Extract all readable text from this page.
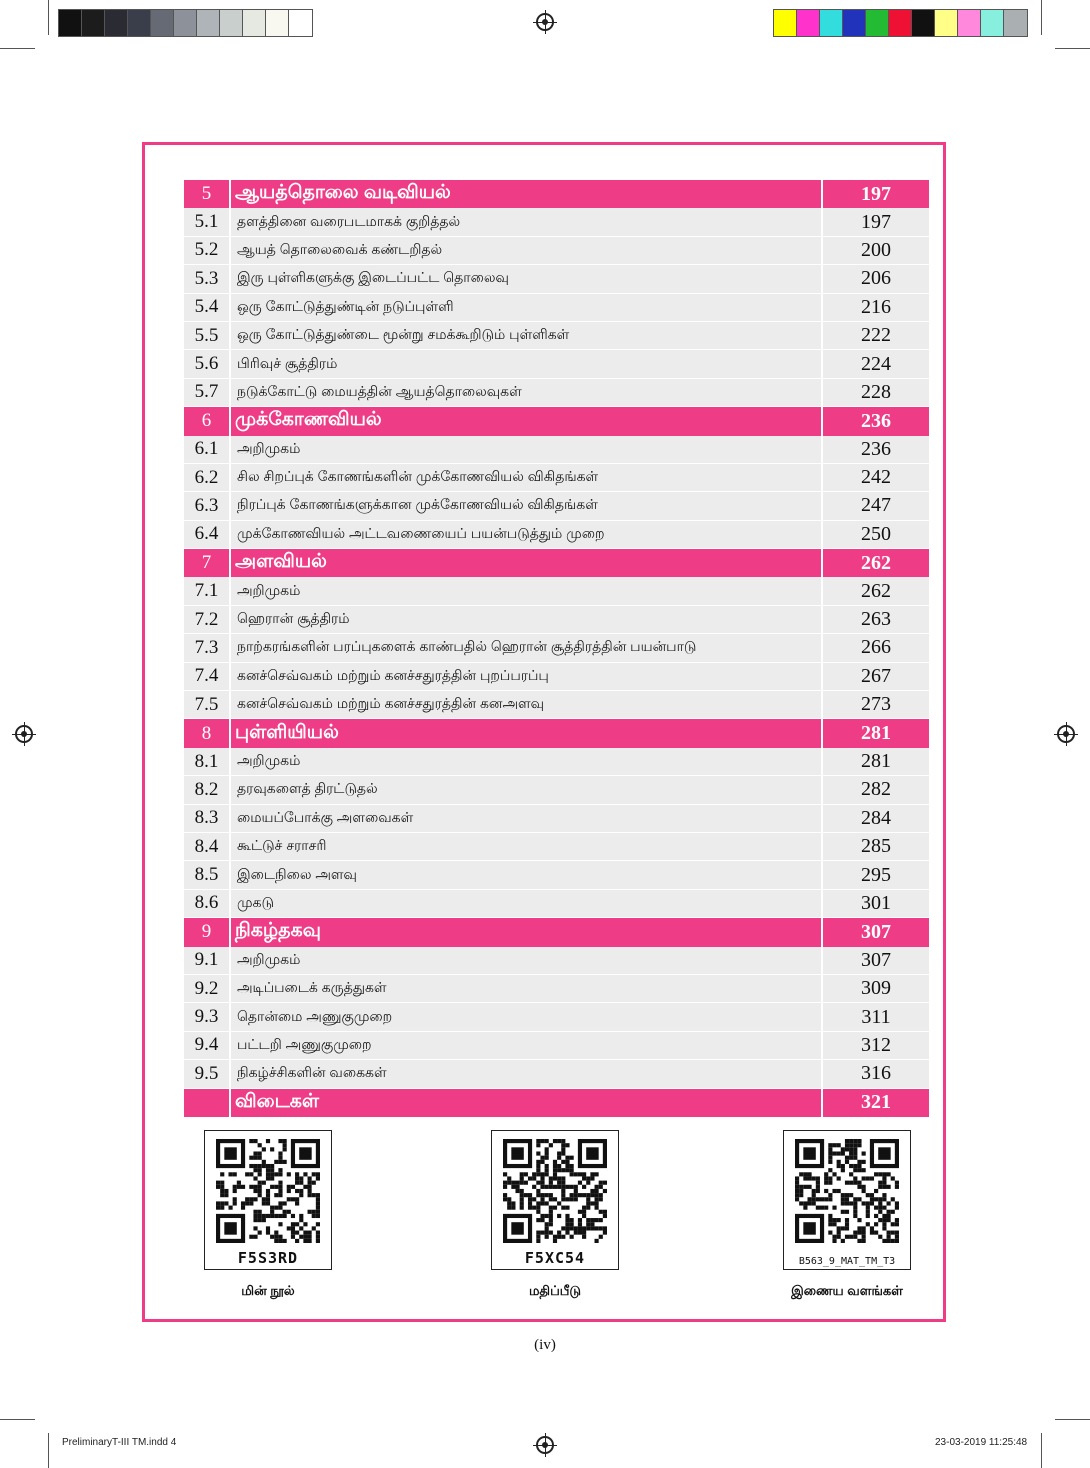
5	ஆயத்தொலை வடிவியல்	197
5.1	தளத்தினை வரைபடமாகக் குறித்தல்	197
5.2	ஆயத் தொலைவைக் கண்டறிதல்	200
5.3	இரு புள்ளிகளுக்கு இடைப்பட்ட தொலைவு	206
5.4	ஒரு கோட்டுத்துண்டின் நடுப்புள்ளி	216
5.5	ஒரு கோட்டுத்துண்டை மூன்று சமக்கூறிடும் புள்ளிகள்	222
5.6	பிரிவுச் சூத்திரம்	224
5.7	நடுக்கோட்டு மையத்தின் ஆயத்தொலைவுகள்	228
6	முக்கோணவியல்	236
6.1	அறிமுகம்	236
6.2	சில சிறப்புக் கோணங்களின் முக்கோணவியல் விகிதங்கள்	242
6.3	நிரப்புக் கோணங்களுக்கான முக்கோணவியல் விகிதங்கள்	247
6.4	முக்கோணவியல் அட்டவணையைப் பயன்படுத்தும் முறை	250
7	அளவியல்	262
7.1	அறிமுகம்	262
7.2	ஹெரான் சூத்திரம்	263
7.3	நாற்கரங்களின் பரப்புகளைக் காண்பதில் ஹெரான் சூத்திரத்தின் பயன்பாடு	266
7.4	கனச்செவ்வகம் மற்றும் கனச்சதுரத்தின் புறப்பரப்பு	267
7.5	கனச்செவ்வகம் மற்றும் கனச்சதுரத்தின் கனஅளவு	273
8	புள்ளியியல்	281
8.1	அறிமுகம்	281
8.2	தரவுகளைத் திரட்டுதல்	282
8.3	மையப்போக்கு அளவைகள்	284
8.4	கூட்டுச் சராசரி	285
8.5	இடைநிலை அளவு	295
8.6	முகடு	301
9	நிகழ்தகவு	307
9.1	அறிமுகம்	307
9.2	அடிப்படைக் கருத்துகள்	309
9.3	தொன்மை அணுகுமுறை	311
9.4	பட்டறி அணுகுமுறை	312
9.5	நிகழ்ச்சிகளின் வகைகள்	316
விடைகள்	321
F5S3RD	F5XC54	B563_9_MAT_TM_T3
மின் நூல்	மதிப்பீடு	இணைய வளங்கள்
(iv)
PreliminaryT-III TM.indd 4	23-03-2019 11:25:48
